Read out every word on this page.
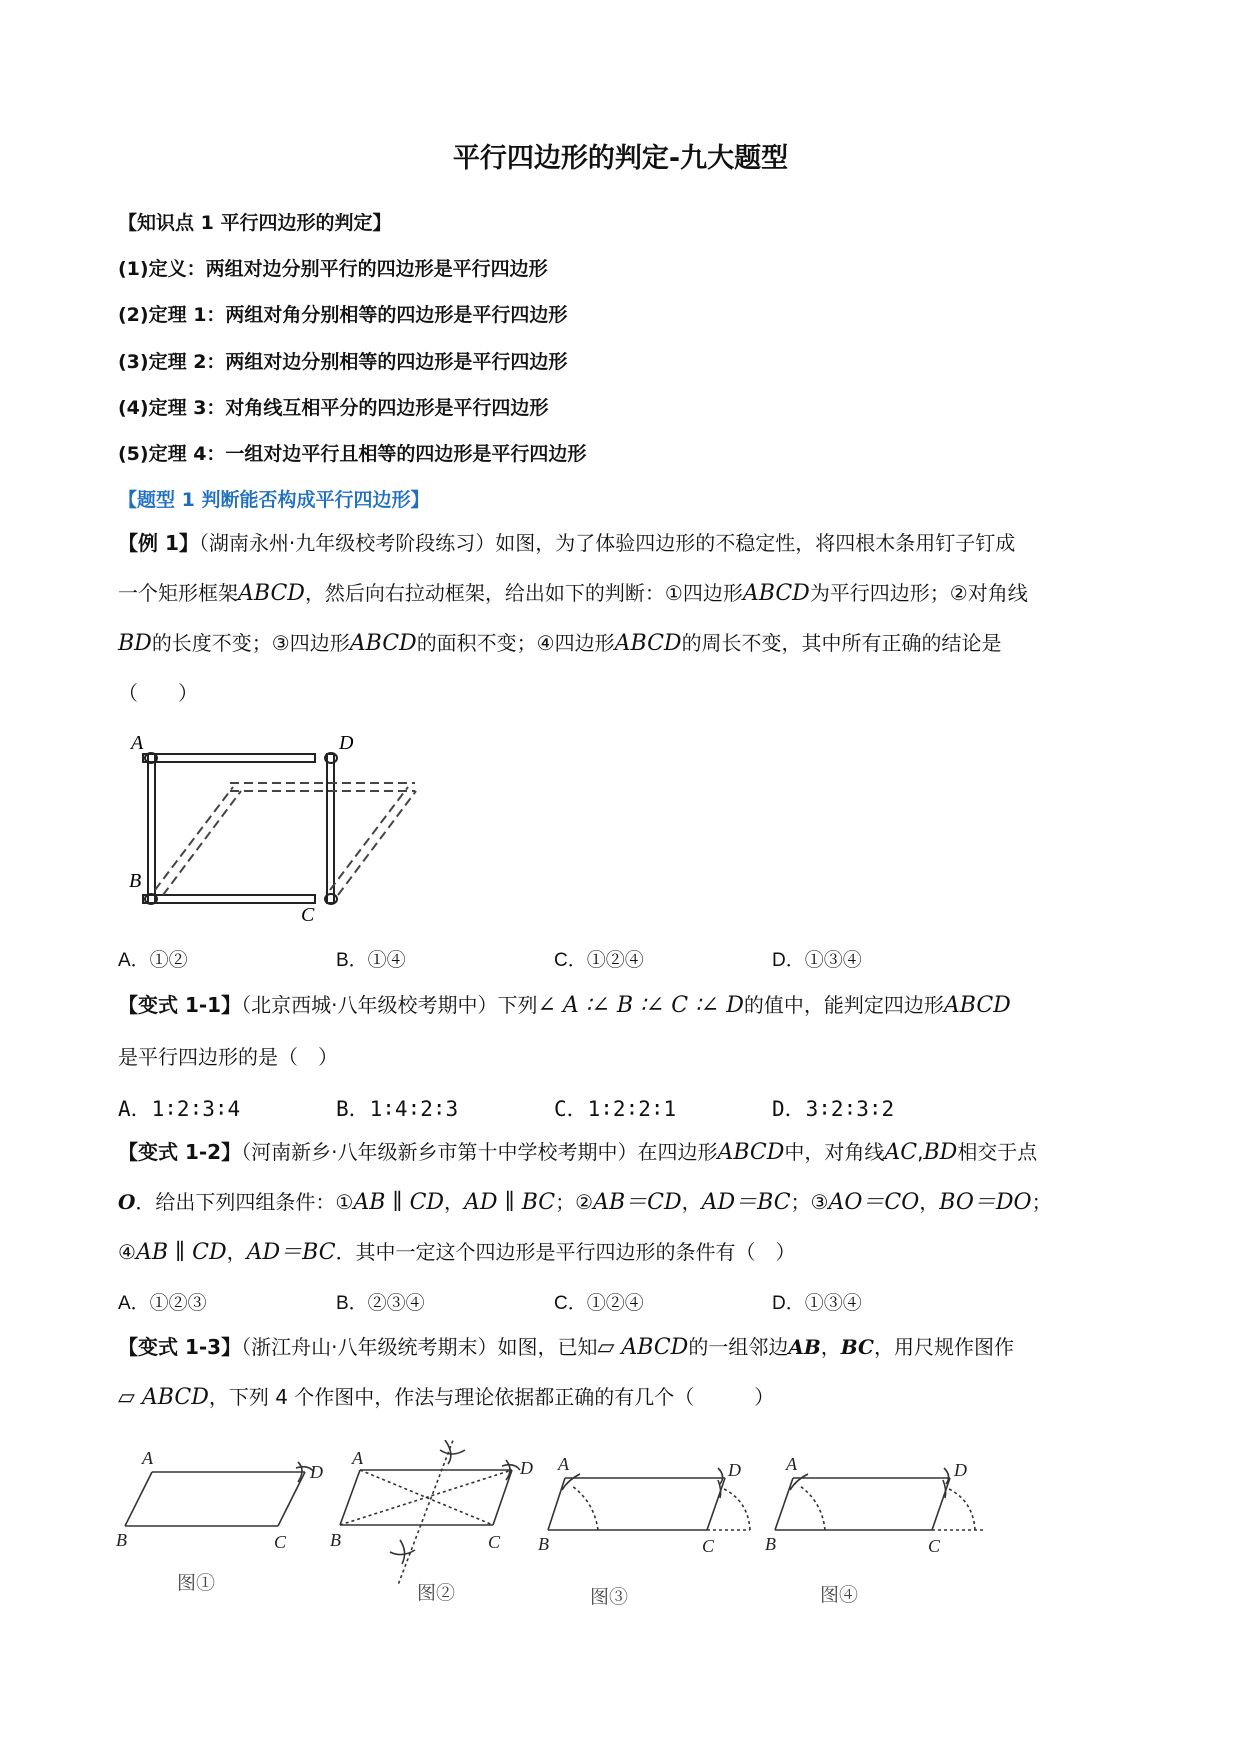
平行四边形的判定-九大题型
【知识点 1 平行四边形的判定】
(1)定义：两组对边分别平行的四边形是平行四边形
(2)定理 1：两组对角分别相等的四边形是平行四边形
(3)定理 2：两组对边分别相等的四边形是平行四边形
(4)定理 3：对角线互相平分的四边形是平行四边形
(5)定理 4：一组对边平行且相等的四边形是平行四边形
【题型 1 判断能否构成平行四边形】
【例 1】（湖南永州·九年级校考阶段练习）如图，为了体验四边形的不稳定性，将四根木条用钉子钉成
一个矩形框架ABCD，然后向右拉动框架，给出如下的判断：①四边形ABCD为平行四边形；②对角线
BD的长度不变；③四边形ABCD的面积不变；④四边形ABCD的周长不变，其中所有正确的结论是
（　　）
A	D
B
C
A．①②	B．①④	C．①②④	D．①③④
【变式 1-1】（北京西城·八年级校考期中）下列∠ A ∶∠ B ∶∠ C ∶∠ D的值中，能判定四边形ABCD
是平行四边形的是（　）
A．1∶2∶3∶4	B．1∶4∶2∶3	C．1∶2∶2∶1	D．3∶2∶3∶2
【变式 1-2】（河南新乡·八年级新乡市第十中学校考期中）在四边形ABCD中，对角线AC,BD相交于点
O．给出下列四组条件：①AB ∥ CD，AD ∥ BC；②AB＝CD，AD＝BC；③AO＝CO，BO＝DO；
④AB ∥ CD，AD＝BC．其中一定这个四边形是平行四边形的条件有（　）
A．①②③	B．②③④	C．①②④	D．①③④
【变式 1-3】（浙江舟山·八年级统考期末）如图，已知▱ ABCD的一组邻边AB，BC，用尺规作图作
▱ ABCD，下列 4 个作图中，作法与理论依据都正确的有几个（　　　）
A
D
B	C
A	D
B	C
A	D
B	C
A	D
B	C
图①	图②	图③	图④
